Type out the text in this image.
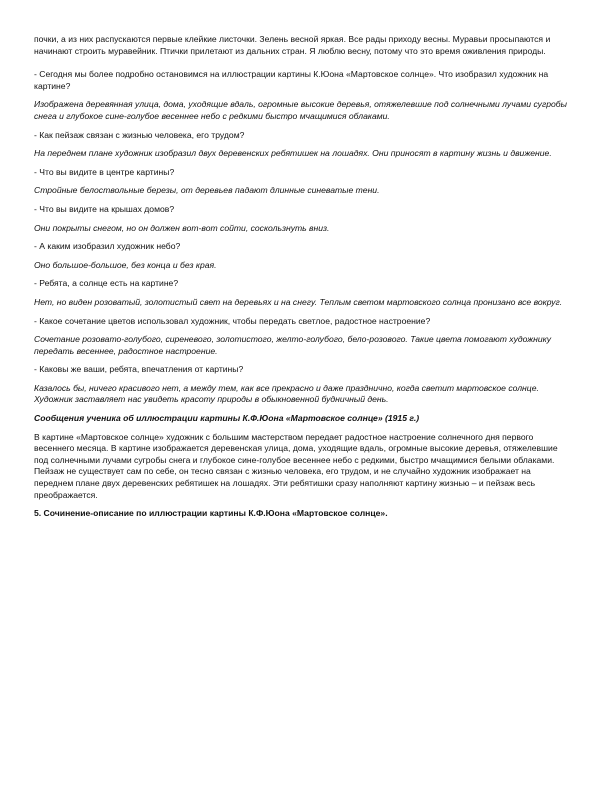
почки, а из них распускаются первые клейкие листочки. Зелень весной яркая. Все рады приходу весны. Муравьи просыпаются и начинают строить муравейник. Птички прилетают из дальних стран. Я люблю весну, потому что это время оживления природы.

- Сегодня мы более подробно остановимся на иллюстрации картины К.Юона «Мартовское солнце». Что изобразил художник на картине?

Изображена деревянная улица, дома, уходящие вдаль, огромные высокие деревья, отяжелевшие под солнечными лучами сугробы снега и глубокое сине-голубое весеннее небо с редкими быстро мчащимися облаками.

- Как пейзаж связан с жизнью человека, его трудом?

На переднем плане художник изобразил двух деревенских ребятишек на лошадях. Они приносят в картину жизнь и движение.

- Что вы видите в центре картины?

Стройные белоствольные березы, от деревьев падают длинные синеватые тени.

- Что вы видите на крышах домов?

Они покрыты снегом, но он должен вот-вот сойти, соскользнуть вниз.

- А каким изобразил художник небо?

Оно большое-большое, без конца и без края.

- Ребята, а солнце есть на картине?

Нет, но виден розоватый, золотистый свет на деревьях и на снегу. Теплым светом мартовского солнца пронизано все вокруг.

- Какое сочетание цветов использовал художник, чтобы передать светлое, радостное настроение?

Сочетание розовато-голубого, сиреневого, золотистого, желто-голубого, бело-розового. Такие цвета помогают художнику передать весеннее, радостное настроение.

- Каковы же ваши, ребята, впечатления от картины?

Казалось бы, ничего красивого нет, а между тем, как все прекрасно и даже празднично, когда светит мартовское солнце. Художник заставляет нас увидеть красоту природы в обыкновенной будничный день.

Сообщения ученика об иллюстрации картины К.Ф.Юона «Мартовское солнце» (1915 г.)

В картине «Мартовское солнце» художник с большим мастерством передает радостное настроение солнечного дня первого весеннего месяца. В картине изображается деревенская улица, дома, уходящие вдаль, огромные высокие деревья, отяжелевшие под солнечными лучами сугробы снега и глубокое сине-голубое весеннее небо с редкими, быстро мчащимися белыми облаками. Пейзаж не существует сам по себе, он тесно связан с жизнью человека, его трудом, и не случайно художник изображает на переднем плане двух деревенских ребятишек на лошадях. Эти ребятишки сразу наполняют картину жизнью – и пейзаж весь преображается.

5. Сочинение-описание по иллюстрации картины К.Ф.Юона «Мартовское солнце».
